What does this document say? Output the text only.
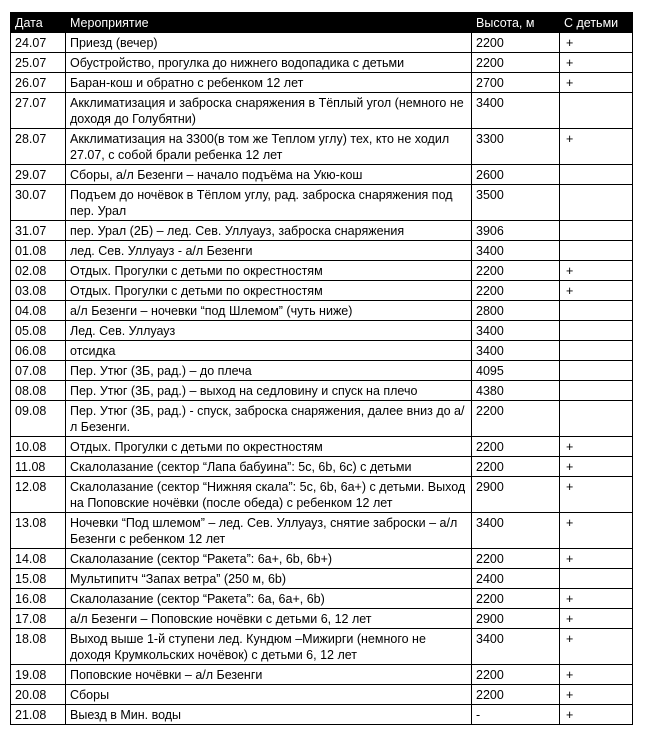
Дата	Мероприятие	Высота, м	С детьми
24.07	Приезд (вечер)	2200	+
25.07	Обустройство, прогулка до нижнего водопадика с детьми	2200	+
26.07	Баран-кош и обратно с ребенком 12 лет	2700	+
27.07	Акклиматизация и заброска снаряжения в Тёплый угол (немного не доходя до Голубятни)	3400	
28.07	Акклиматизация на 3300(в том же Теплом углу) тех, кто не ходил 27.07, с собой брали ребенка 12 лет	3300	+
29.07	Сборы, а/л Безенги – начало подъёма на Укю-кош	2600	
30.07	Подъем до ночёвок в Тёплом углу, рад. заброска снаряжения под пер. Урал	3500	
31.07	пер. Урал (2Б) – лед. Сев. Уллуауз, заброска снаряжения	3906	
01.08	лед. Сев. Уллуауз - а/л Безенги	3400	
02.08	Отдых. Прогулки с детьми по окрестностям	2200	+
03.08	Отдых. Прогулки с детьми по окрестностям	2200	+
04.08	а/л Безенги – ночевки “под Шлемом” (чуть ниже)	2800	
05.08	Лед. Сев. Уллуауз	3400	
06.08	отсидка	3400	
07.08	Пер. Утюг (3Б, рад.) – до плеча	4095	
08.08	Пер. Утюг (3Б, рад.) – выход на седловину и спуск на плечо	4380	
09.08	Пер. Утюг (3Б, рад.) - спуск, заброска снаряжения, далее вниз до а/л Безенги.	2200	
10.08	Отдых. Прогулки с детьми по окрестностям	2200	+
11.08	Скалолазание (сектор “Лапа бабуина”: 5с, 6b, 6c) с детьми	2200	+
12.08	Скалолазание (сектор “Нижняя скала”: 5с, 6b, 6a+) с детьми. Выход на Поповские ночёвки (после обеда) с ребенком 12 лет	2900	+
13.08	Ночевки “Под шлемом” – лед. Сев. Уллуауз, снятие заброски – а/л Безенги с ребенком 12 лет	3400	+
14.08	Скалолазание (сектор “Ракета”: 6a+, 6b, 6b+)	2200	+
15.08	Мультипитч “Запах ветра” (250 м, 6b)	2400	
16.08	Скалолазание (сектор “Ракета”: 6a, 6a+, 6b)	2200	+
17.08	а/л Безенги – Поповские ночёвки с детьми 6, 12 лет	2900	+
18.08	Выход выше 1-й ступени лед. Кундюм –Мижирги (немного не доходя Крумкольских ночёвок) с детьми 6, 12 лет	3400	+
19.08	Поповские ночёвки – а/л Безенги	2200	+
20.08	Сборы	2200	+
21.08	Выезд в Мин. воды	-	+
